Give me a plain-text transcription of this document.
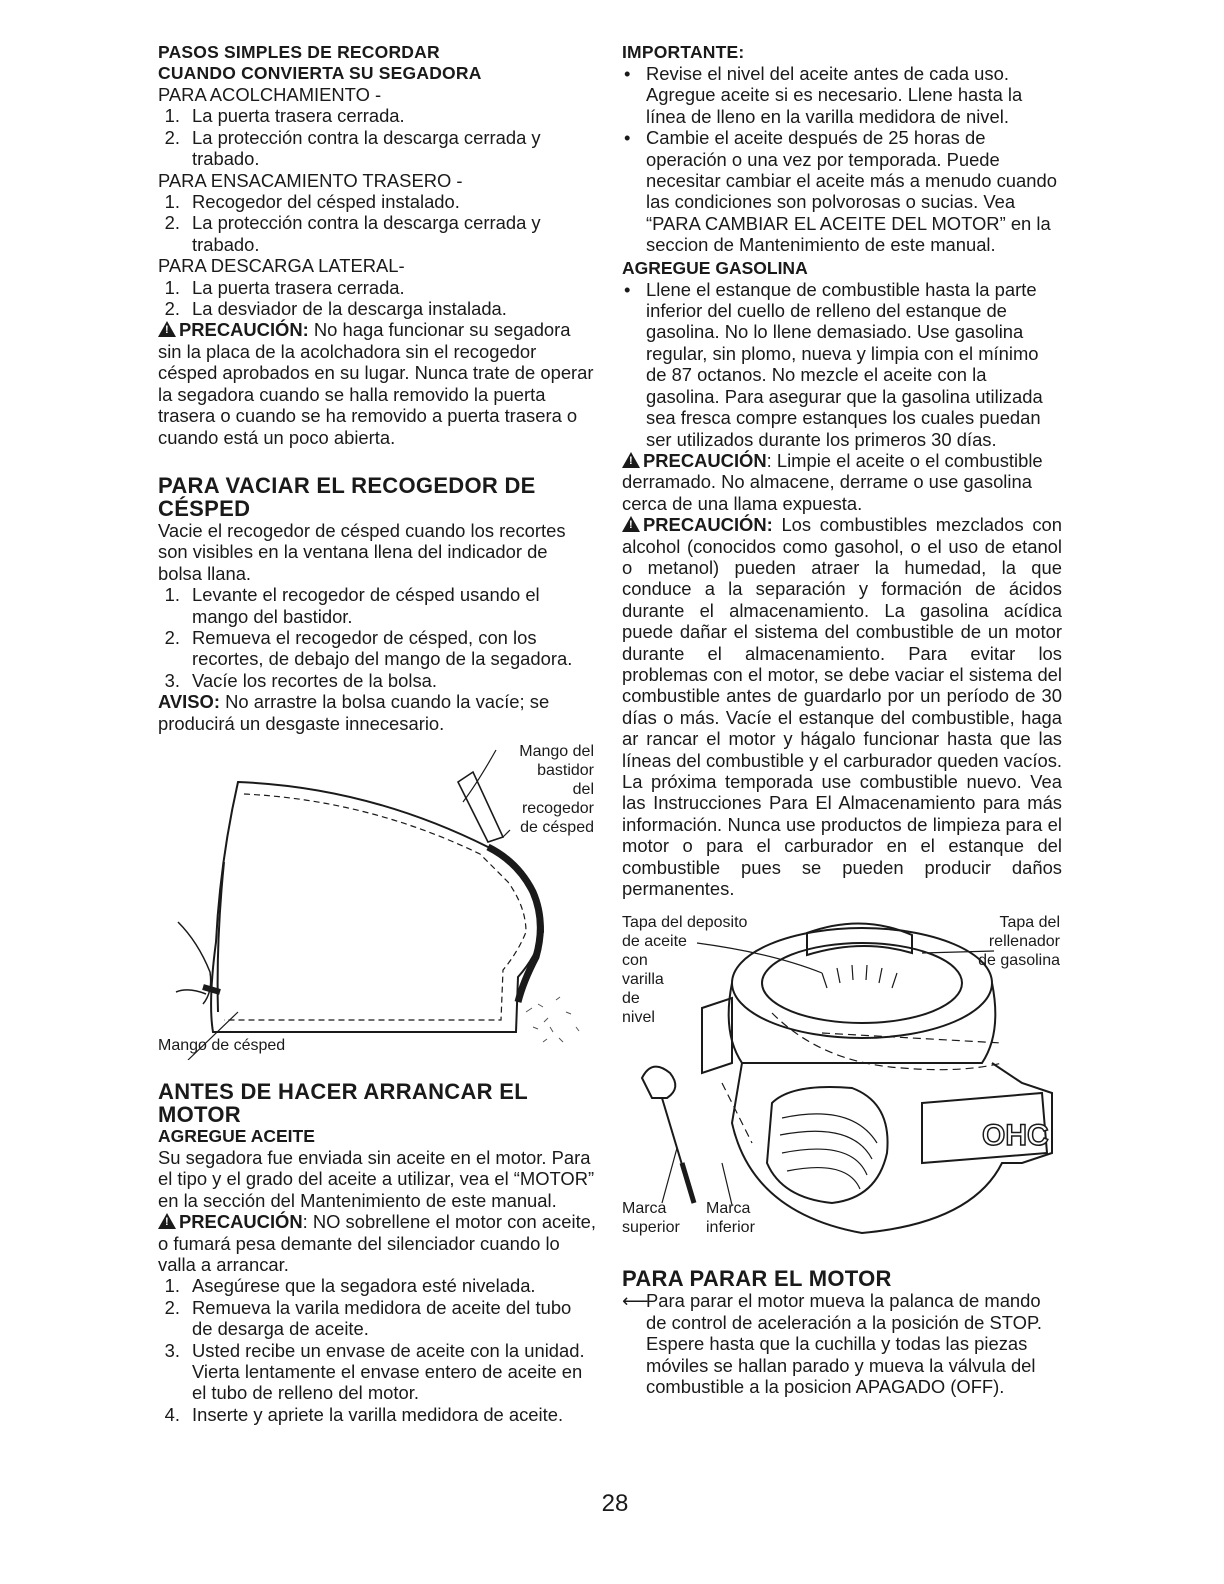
PASOS SIMPLES DE RECORDAR

CUANDO CONVIERTA SU SEGADORA

PARA ACOLCHAMIENTO -

1. La puerta trasera cerrada.
2. La protección contra la descarga cerrada y trabado.

PARA ENSACAMIENTO TRASERO -

1. Recogedor del césped instalado.
2. La protección contra la descarga cerrada y trabado.

PARA DESCARGA LATERAL-

1. La puerta trasera cerrada.
2. La desviador de la descarga instalada.

!PRECAUCIÓN: No haga funcionar su segadora sin la placa de la acolchadora sin el recogedor césped aprobados en su lugar. Nunca trate de operar la segadora cuando se halla removido la puerta trasera o cuando se ha removido a puerta trasera o cuando está un poco abierta.

PARA VACIAR EL RECOGEDOR DE CÉSPED

Vacie el recogedor de césped cuando los recortes son visibles en la ventana llena del indicador de bolsa llana.

1. Levante el recogedor de césped usando el mango del bastidor.
2. Remueva el recogedor de césped, con los recortes, de debajo del mango de la segadora.
3. Vacíe los recortes de la bolsa.

AVISO: No arrastre la bolsa cuando la vacíe; se producirá un desgaste innecesario.

Mango del
bastidor
del
recogedor
de césped
Mango de césped

ANTES DE HACER ARRANCAR EL MOTOR

AGREGUE ACEITE

Su segadora fue enviada sin aceite en el motor. Para el tipo y el grado del aceite a utilizar, vea el “MOTOR” en la sección del Mantenimiento de este manual.

!PRECAUCIÓN: NO sobrellene el motor con aceite, o fumará pesa demante del silenciador cuando lo valla a arrancar.

1. Asegúrese que la segadora esté nivelada.
2. Remueva la varila medidora de aceite del tubo de desarga de aceite.
3. Usted recibe un envase de aceite con la unidad. Vierta lentamente el envase entero de aceite en el tubo de relleno del motor.
4. Inserte y apriete la varilla medidora de aceite.

IMPORTANTE:

• Revise el nivel del aceite antes de cada uso. Agregue aceite si es necesario. Llene hasta la línea de lleno en la varilla medidora de nivel.
• Cambie el aceite después de 25 horas de operación o una vez por temporada. Puede necesitar cambiar el aceite más a menudo cuando las condiciones son polvorosas o sucias. Vea “PARA CAMBIAR EL ACEITE DEL MOTOR” en la seccion de Mantenimiento de este manual.

AGREGUE GASOLINA

• Llene el estanque de combustible hasta la parte inferior del cuello de relleno del estanque de gasolina. No lo llene demasiado. Use gasolina regular, sin plomo, nueva y limpia con el mínimo de 87 octanos. No mezcle el aceite con la gasolina. Para asegurar que la gasolina utilizada sea fresca compre estanques los cuales puedan ser utilizados durante los primeros 30 días.

!PRECAUCIÓN: Limpie el aceite o el combustible derramado. No almacene, derrame o use gasolina cerca de una llama expuesta.

!PRECAUCIÓN: Los combustibles mezclados con alcohol (conocidos como gasohol, o el uso de etanol o metanol) pueden atraer la humedad, la que conduce a la separación y formación de ácidos durante el almacenamiento. La gasolina acídica puede dañar el sistema del combustible de un motor durante el almacenamiento. Para evitar los problemas con el motor, se debe vaciar el sistema del combustible antes de guardarlo por un período de 30 días o más. Vacíe el estanque del combustible, haga ar rancar el motor y hágalo funcionar hasta que las líneas del combustible y el carburador queden vacíos. La próxima temporada use combustible nuevo. Vea las Instrucciones Para El Almacenamiento para más información. Nunca use productos de limpieza para el motor o para el carburador en el estanque del combustible pues se pueden producir daños permanentes.

OHC
Tapa del deposito
de aceite
con
varilla
de
nivel
Tapa del
rellenador
de gasolina
Marca
superior
Marca
inferior

PARA PARAR EL MOTOR

⟵
Para parar el motor mueva la palanca de mando de control de aceleración a la posición de STOP. Espere hasta que la cuchilla y todas las piezas móviles se hallan parado y mueva la válvula del combustible a la posicion APAGADO (OFF).

28
